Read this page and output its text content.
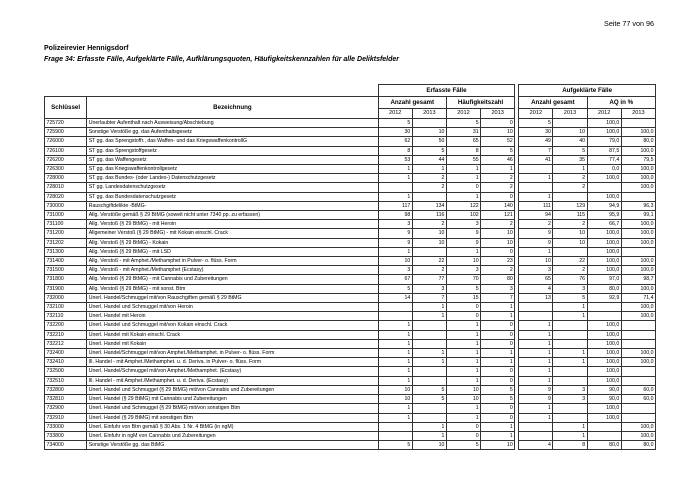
Seite 77 von 96
Polizeirevier Hennigsdorf
Frage 34: Erfasste Fälle, Aufgeklärte Fälle, Aufklärungsquoten, Häufigkeitskennzahlen für alle Deliktsfelder
		Erfasste Fälle					Aufgeklärte Fälle			
Schlüssel	Bezeichnung	Anzahl gesamt		Häufigkeitszahl			Anzahl gesamt		AQ in %	
		2012	2013	2012	2013		2012	2013	2012	2013
725720	Unerlaubter Aufenthalt nach Ausweisung/Abschiebung	5		5	0		5		100,0	
725900	Sonstige Verstöße gg. das Aufenthaltsgesetz	30	10	31	10		30	10	100,0	100,0
726000	ST gg. das Sprengstoffr., das Waffen- und das KriegswaffenkontrollG	62	50	65	52		49	40	79,0	80,0
726100	ST gg. das Sprengstoffgesetz	8	5	8	5		7	5	87,5	100,0
726200	ST gg. das Waffengesetz	53	44	55	46		41	35	77,4	79,5
726300	ST gg. das Kriegswaffenkontrollgesetz	1	1	1	1			1	0,0	100,0
728000	ST gg. das Bundes- (oder Landes-) Datenschutzgesetz	1	2	1	2		1	2	100,0	100,0
728010	ST gg. Landesdatenschutzgesetz		2	0	2			2		100,0
728020	ST gg. das Bundesdatenschutzgesetz	1		1	0		1		100,0	
730000	Rauschgiftdelikte -BtMG-	117	134	122	140		111	129	94,9	96,3
731000	Allg. Verstöße gemäß § 29 BtMG (soweit nicht unter 7340 pp. zu erfassen)	98	116	102	121		94	115	95,9	99,1
731100	Allg. Verstoß (§ 29 BtMG) - mit Heroin	3	2	3	2		2	2	66,7	100,0
731200	Allgemeiner Verstoß (§ 29 BtMG) - mit Kokain einschl. Crack	9	10	9	10		9	10	100,0	100,0
731202	Allg. Verstoß (§ 29 BtMG) - Kokain	9	10	9	10		9	10	100,0	100,0
731300	Allg. Verstoß (§ 29 BtMG) - mit LSD	1		1	0		1		100,0	
731400	Allg. Verstoß - mit Amphet./Methamphet in Pulver- o. flüss. Form	10	22	10	23		10	22	100,0	100,0
731500	Allg. Verstoß - mit Amphet./Methamphet (Ecstasy)	3	2	3	2		3	2	100,0	100,0
731800	Allg. Verstoß (§ 29 BtMG) - mit Cannabis und Zubereitungen	67	77	70	80		65	76	97,0	98,7
731900	Allg. Verstoß (§ 29 BtMG) - mit sonst. Btm	5	3	5	3		4	3	80,0	100,0
732000	Unerl. Handel/Schmuggel mit/von Rauschgiften gemäß § 29 BtMG	14	7	15	7		13	5	92,9	71,4
732100	Unerl. Handel und Schmuggel mit/von Heroin		1	0	1			1		100,0
732110	Unerl. Handel mit Heroin		1	0	1			1		100,0
732200	Unerl. Handel und Schmuggel mit/von Kokain einschl. Crack	1		1	0		1		100,0	
732210	Unerl. Handel mit Kokain einschl. Crack	1		1	0		1		100,0	
732212	Unerl. Handel mit Kokain	1		1	0		1		100,0	
732400	Unerl. Handel/Schmuggel mit/von Amphet./Methamphet. in Pulver- o. flüss. Form	1	1	1	1		1	1	100,0	100,0
732410	Ill. Handel - mit Amphet./Methamphet. u. d. Deriva. in Pulver- o. flüss. Form	1	1	1	1		1	1	100,0	100,0
732500	Unerl. Handel/Schmuggel mit/von Amphet./Methamphet. (Ecstasy)	1		1	0		1		100,0	
732510	Ill. Handel - mit Amphet./Methamphet. u. d. Deriva. (Ecstasy)	1		1	0		1		100,0	
732800	Unerl. Handel und Schmuggel (§ 29 BtMG) mit/von Cannabis und Zubereitungen	10	5	10	5		9	3	90,0	60,0
732810	Unerl. Handel (§ 29 BtMG) mit Cannabis und Zubereitungen	10	5	10	5		9	3	90,0	60,0
732900	Unerl. Handel und Schmuggel (§ 29 BtMG) mit/von sonstigen Btm	1		1	0		1		100,0	
732910	Unerl. Handel (§ 29 BtMG) mit sonstigen Btm	1		1	0		1		100,0	
733000	Unerl. Einfuhr von Btm gemäß § 30 Abs. 1 Nr. 4 BtMG (in ngM)		1	0	1			1		100,0
733800	Unerl. Einfuhr in ngM von Cannabis und Zubereitungen		1	0	1			1		100,0
734000	Sonstige Verstöße gg. das BtMG	5	10	5	10		4	8	80,0	80,0
